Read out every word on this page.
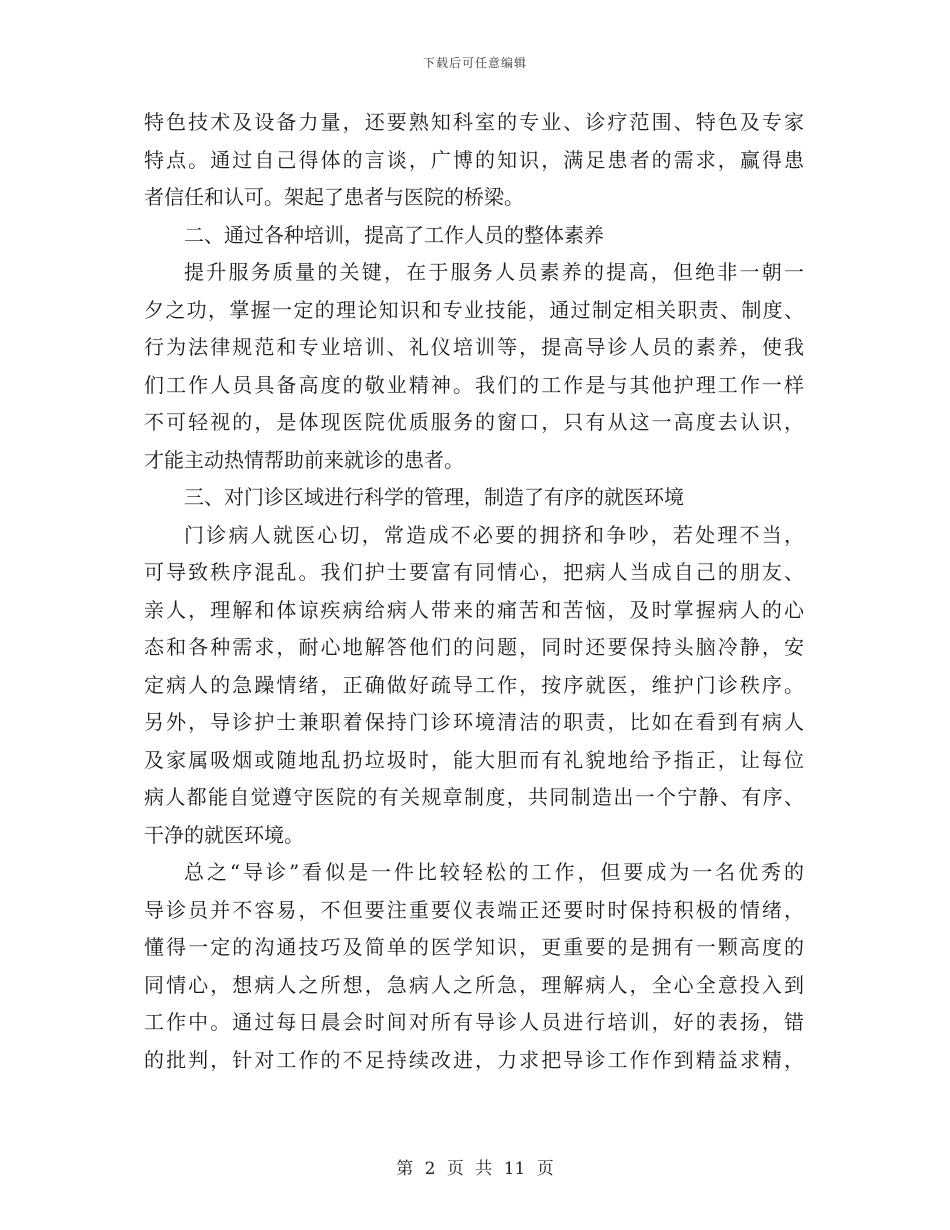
下载后可任意编辑
特色技术及设备力量，还要熟知科室的专业、诊疗范围、特色及专家
特点。通过自己得体的言谈，广博的知识，满足患者的需求，赢得患
者信任和认可。架起了患者与医院的桥梁。
二、通过各种培训，提高了工作人员的整体素养
提升服务质量的关键，在于服务人员素养的提高，但绝非一朝一
夕之功，掌握一定的理论知识和专业技能，通过制定相关职责、制度、
行为法律规范和专业培训、礼仪培训等，提高导诊人员的素养，使我
们工作人员具备高度的敬业精神。我们的工作是与其他护理工作一样
不可轻视的，是体现医院优质服务的窗口，只有从这一高度去认识，
才能主动热情帮助前来就诊的患者。
三、对门诊区域进行科学的管理，制造了有序的就医环境
门诊病人就医心切，常造成不必要的拥挤和争吵，若处理不当，
可导致秩序混乱。我们护士要富有同情心，把病人当成自己的朋友、
亲人，理解和体谅疾病给病人带来的痛苦和苦恼，及时掌握病人的心
态和各种需求，耐心地解答他们的问题，同时还要保持头脑冷静，安
定病人的急躁情绪，正确做好疏导工作，按序就医，维护门诊秩序。
另外，导诊护士兼职着保持门诊环境清洁的职责，比如在看到有病人
及家属吸烟或随地乱扔垃圾时，能大胆而有礼貌地给予指正，让每位
病人都能自觉遵守医院的有关规章制度，共同制造出一个宁静、有序、
干净的就医环境。
总之“导诊”看似是一件比较轻松的工作，但要成为一名优秀的
导诊员并不容易，不但要注重要仪表端正还要时时保持积极的情绪，
懂得一定的沟通技巧及简单的医学知识，更重要的是拥有一颗高度的
同情心，想病人之所想，急病人之所急，理解病人，全心全意投入到
工作中。通过每日晨会时间对所有导诊人员进行培训，好的表扬，错
的批判，针对工作的不足持续改进，力求把导诊工作作到精益求精，
第 2 页 共 11 页
